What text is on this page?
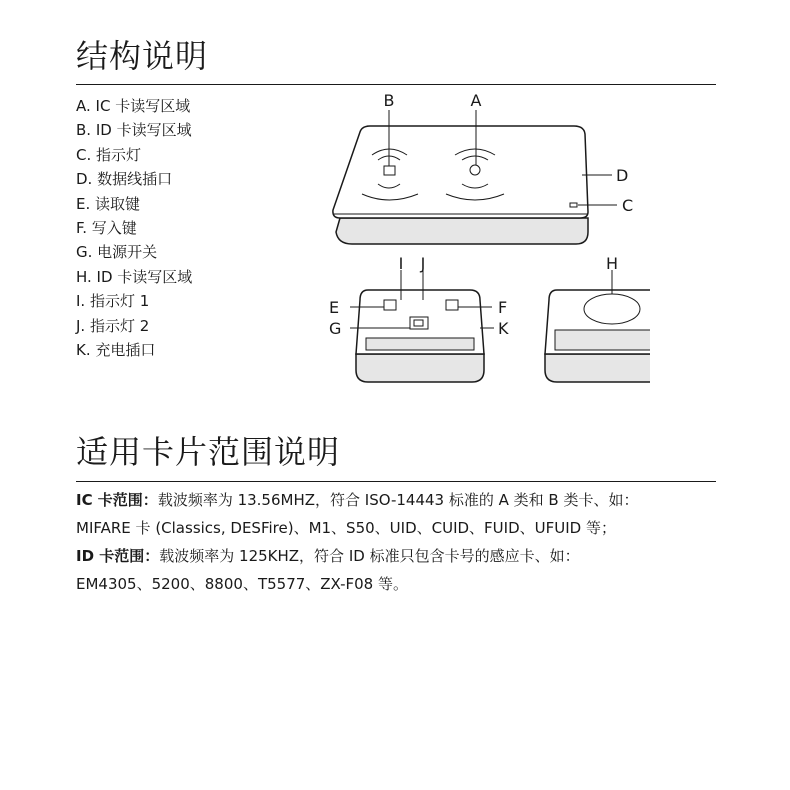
结构说明
A. IC 卡读写区域
B. ID 卡读写区域
C. 指示灯
D. 数据线插口
E. 读取键
F. 写入键
G. 电源开关
H. ID 卡读写区域
I. 指示灯 1
J. 指示灯 2
K. 充电插口
B	A
D
C
I J	H
E	F
G	K
适用卡片范围说明

IC 卡范围：载波频率为 13.56MHZ，符合 ISO-14443 标准的 A 类和 B 类卡、如：

MIFARE 卡 (Classics, DESFire)、M1、S50、UID、CUID、FUID、UFUID 等；

ID 卡范围：载波频率为 125KHZ，符合 ID 标准只包含卡号的感应卡、如：

EM4305、5200、8800、T5577、ZX-F08 等。
